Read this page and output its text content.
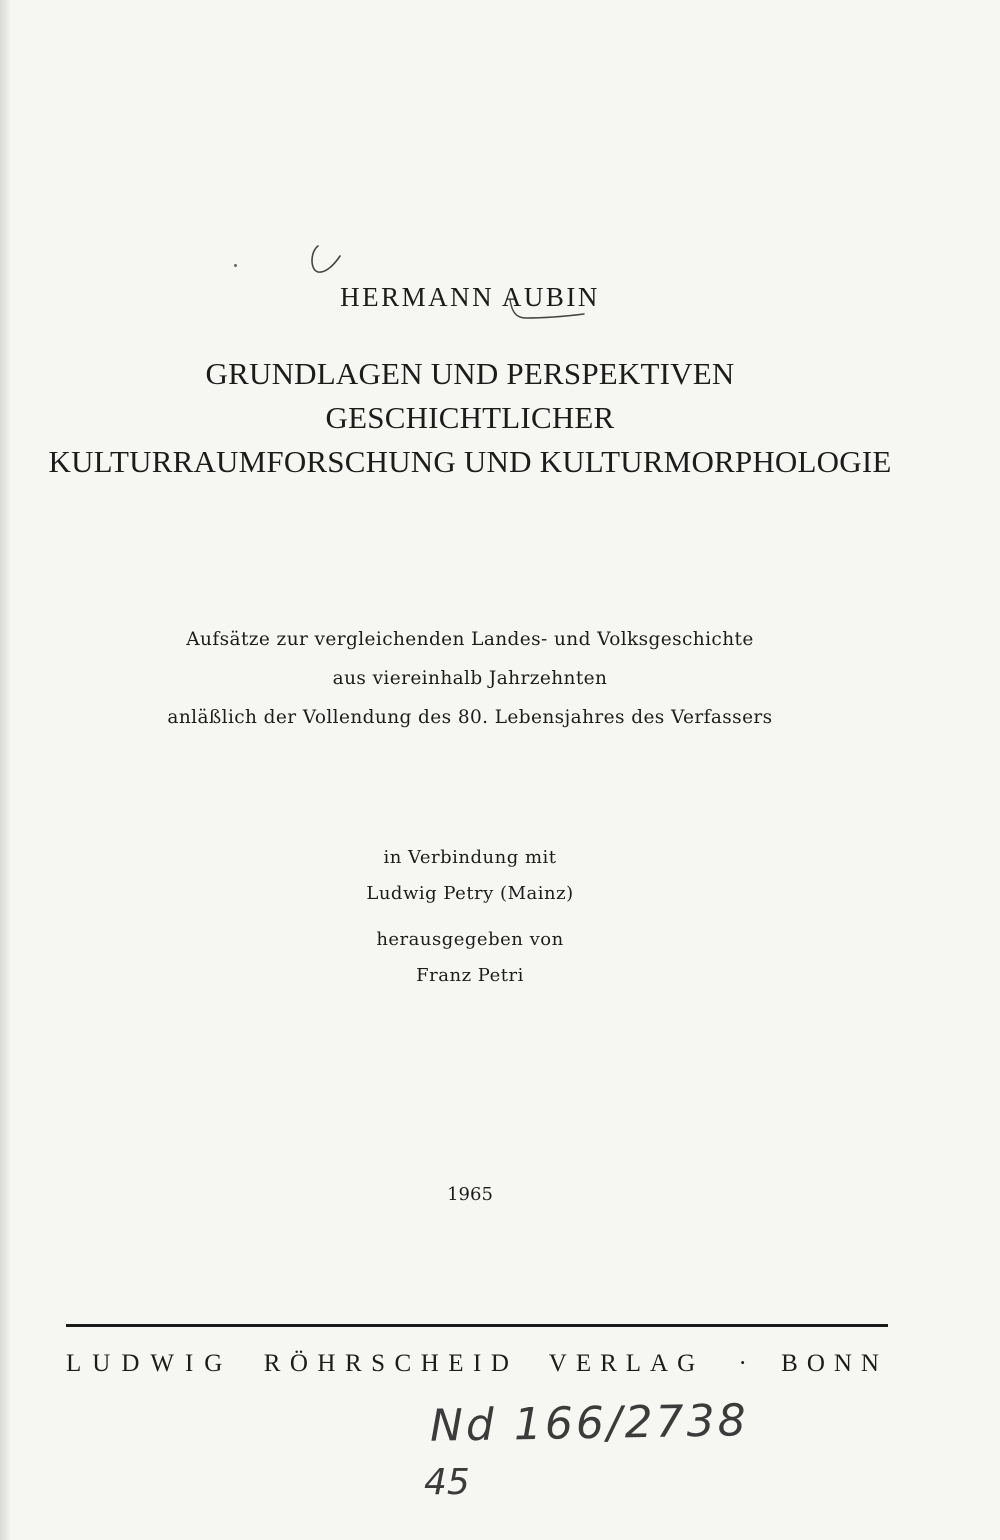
HERMANN AUBIN
GRUNDLAGEN UND PERSPEKTIVEN
GESCHICHTLICHER
KULTURRAUMFORSCHUNG UND KULTURMORPHOLOGIE
Aufsätze zur vergleichenden Landes- und Volksgeschichte
aus viereinhalb Jahrzehnten
anläßlich der Vollendung des 80. Lebensjahres des Verfassers
in Verbindung mit
Ludwig Petry (Mainz)
herausgegeben von
Franz Petri
1965
LUDWIG RÖHRSCHEID VERLAG · BONN
Nd 166/2738
45
